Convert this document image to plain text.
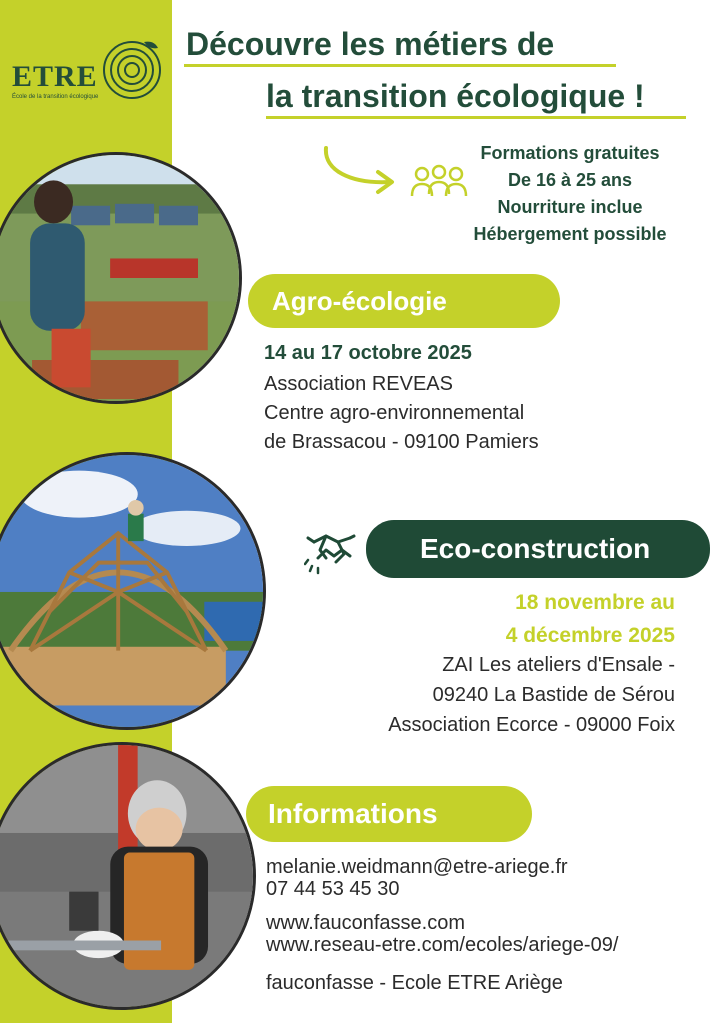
ETRE
École de la transition écologique
Découvre les métiers de
la transition écologique !
Formations gratuites
De 16 à 25 ans
Nourriture inclue
Hébergement possible
Agro-écologie
14 au 17 octobre 2025
Association REVEAS
Centre agro-environnemental
de Brassacou - 09100 Pamiers
Eco-construction
18 novembre au
4 décembre 2025
ZAI Les ateliers d'Ensale -
09240 La Bastide de Sérou
Association Ecorce - 09000 Foix
Informations
melanie.weidmann@etre-ariege.fr
07 44 53 45 30
www.fauconfasse.com
www.reseau-etre.com/ecoles/ariege-09/
fauconfasse - Ecole ETRE Ariège
